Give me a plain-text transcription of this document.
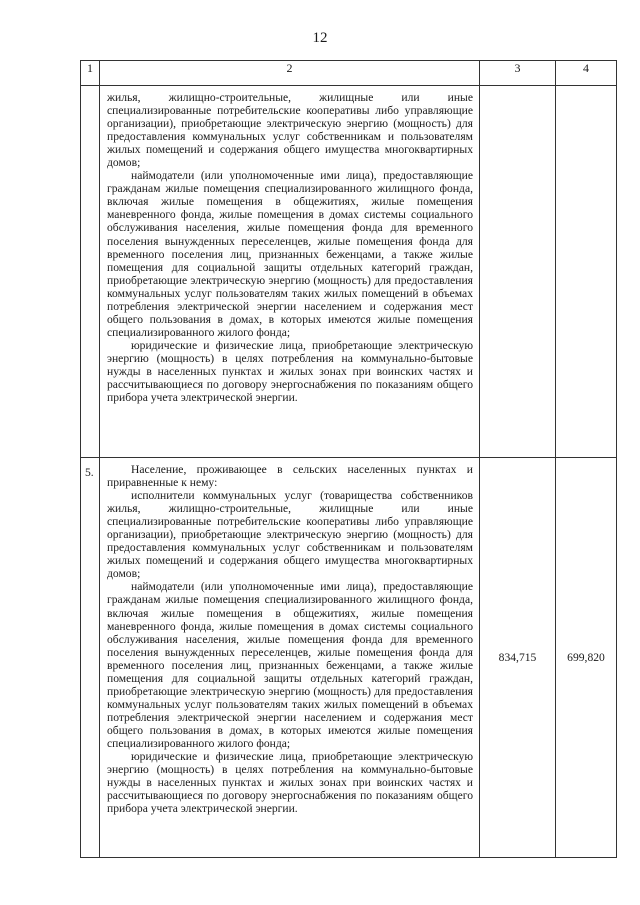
12
1	2	3	4

	жилья, жилищно-строительные, жилищные или иные специализированные потребительские кооперативы либо управляющие организации), приобретающие электрическую энергию (мощность) для предоставления коммунальных услуг собственникам и пользователям жилых помещений и содержания общего имущества многоквартирных домов;

наймодатели (или уполномоченные ими лица), предоставляющие гражданам жилые помещения специализированного жилищного фонда, включая жилые помещения в общежитиях, жилые помещения маневренного фонда, жилые помещения в домах системы социального обслуживания населения, жилые помещения фонда для временного поселения вынужденных переселенцев, жилые помещения фонда для временного поселения лиц, признанных беженцами, а также жилые помещения для социальной защиты отдельных категорий граждан, приобретающие электрическую энергию (мощность) для предоставления коммунальных услуг пользователям таких жилых помещений в объемах потребления электрической энергии населением и содержания мест общего пользования в домах, в которых имеются жилые помещения специализированного жилого фонда;

юридические и физические лица, приобретающие электрическую энергию (мощность) в целях потребления на коммунально-бытовые нужды в населенных пунктах и жилых зонах при воинских частях и рассчитывающиеся по договору энергоснабжения по показаниям общего прибора учета электрической энергии.		

5.	Население, проживающее в сельских населенных пунктах и приравненные к нему:

исполнители коммунальных услуг (товарищества собственников жилья, жилищно-строительные, жилищные или иные специализированные потребительские кооперативы либо управляющие организации), приобретающие электрическую энергию (мощность) для предоставления коммунальных услуг собственникам и пользователям жилых помещений и содержания общего имущества многоквартирных домов;

наймодатели (или уполномоченные ими лица), предоставляющие гражданам жилые помещения специализированного жилищного фонда, включая жилые помещения в общежитиях, жилые помещения маневренного фонда, жилые помещения в домах системы социального обслуживания населения, жилые помещения фонда для временного поселения вынужденных переселенцев, жилые помещения фонда для временного поселения лиц, признанных беженцами, а также жилые помещения для социальной защиты отдельных категорий граждан, приобретающие электрическую энергию (мощность) для предоставления коммунальных услуг пользователям таких жилых помещений в объемах потребления электрической энергии населением и содержания мест общего пользования в домах, в которых имеются жилые помещения специализированного жилого фонда;

юридические и физические лица, приобретающие электрическую энергию (мощность) в целях потребления на коммунально-бытовые нужды в населенных пунктах и жилых зонах при воинских частях и рассчитывающиеся по договору энергоснабжения по показаниям общего прибора учета электрической энергии.	834,715	699,820
